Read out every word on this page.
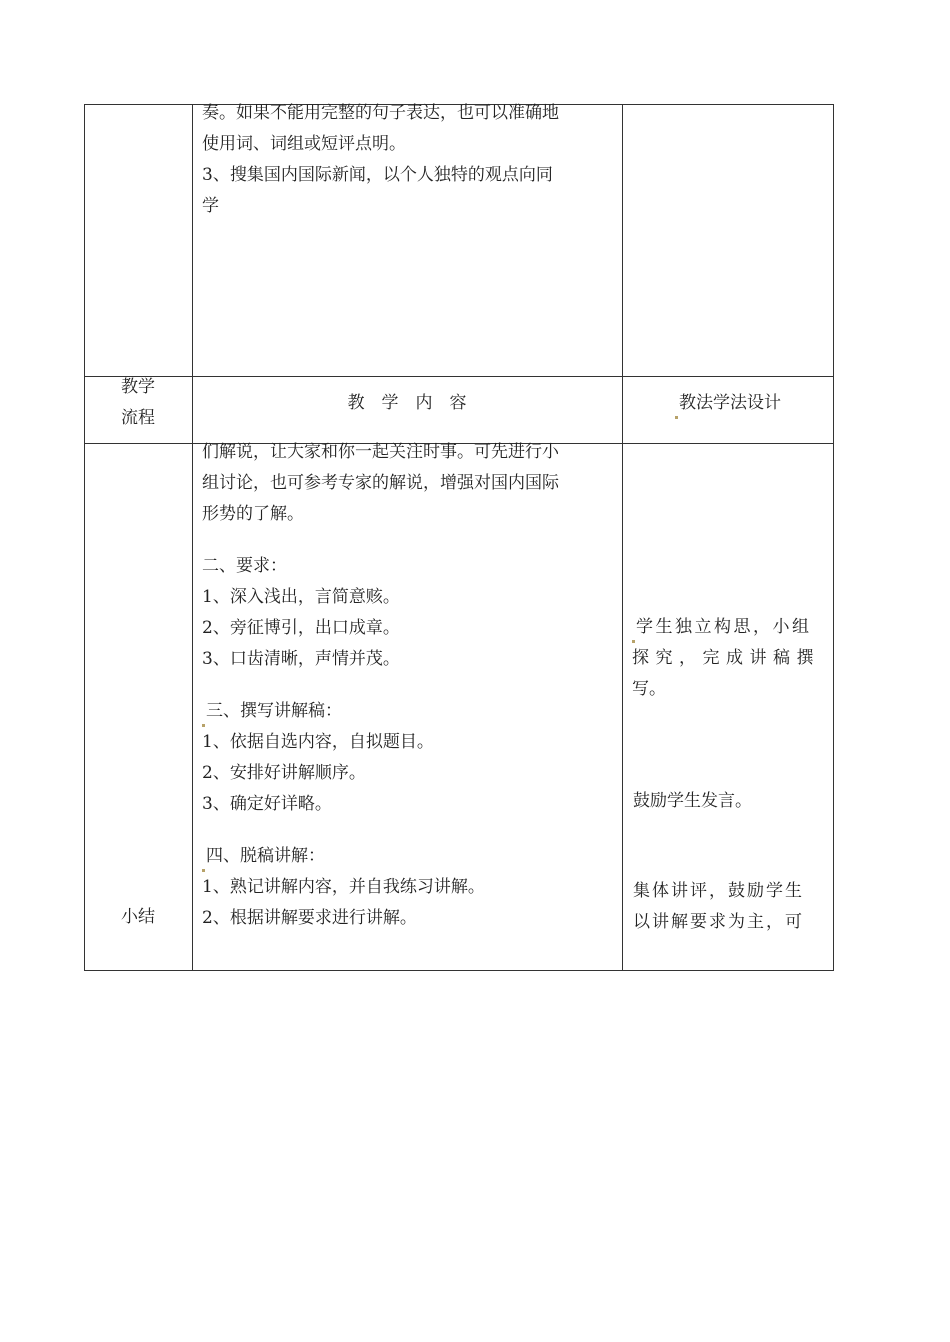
奏。如果不能用完整的句子表达，也可以准确地
使用词、词组或短评点明。
3、搜集国内国际新闻，以个人独特的观点向同
学
教学
流程
教　学　内　容	教法学法设计
小结
们解说，让大家和你一起关注时事。可先进行小
组讨论，也可参考专家的解说，增强对国内国际
形势的了解。
二、要求：
1、深入浅出，言简意赅。
2、旁征博引，出口成章。
3、口齿清晰，声情并茂。
三、撰写讲解稿：
1、依据自选内容，自拟题目。
2、安排好讲解顺序。
3、确定好详略。
四、脱稿讲解：
1、熟记讲解内容，并自我练习讲解。
2、根据讲解要求进行讲解。
学生独立构思，小组
探究，完成讲稿撰
写。
鼓励学生发言。
集体讲评，鼓励学生
以讲解要求为主，可
